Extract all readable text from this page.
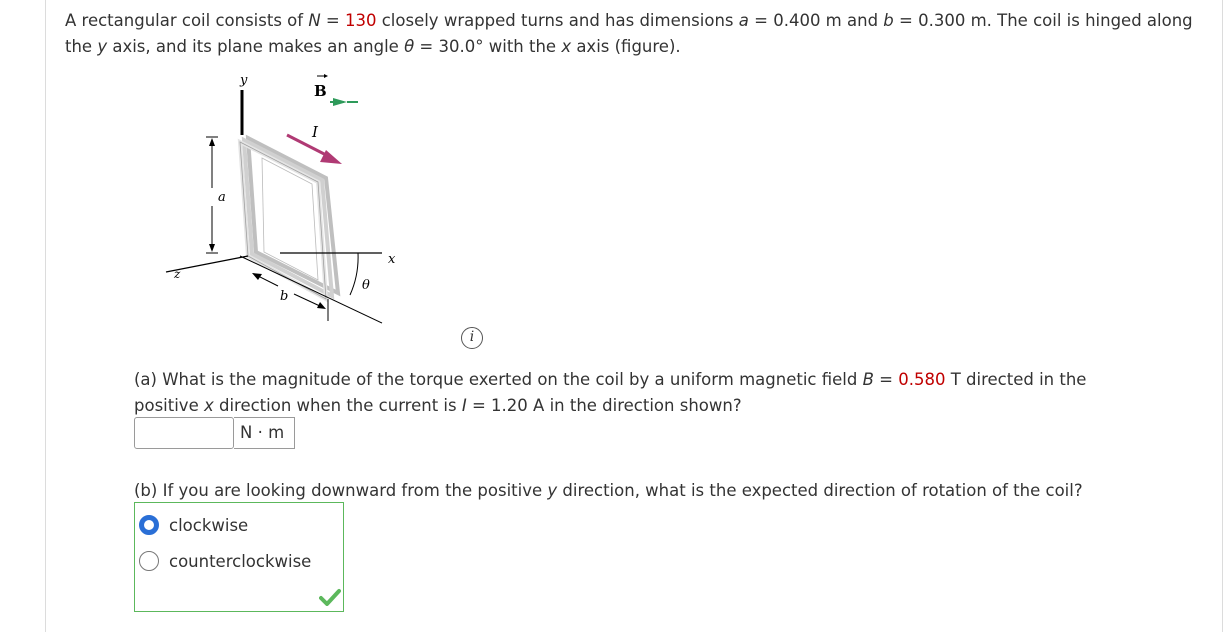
A rectangular coil consists of N = 130 closely wrapped turns and has dimensions a = 0.400 m and b = 0.300 m. The coil is hinged along the y axis, and its plane makes an angle θ = 30.0° with the x axis (figure).
y
B
I
a
z
x
θ
b
i
(a) What is the magnitude of the torque exerted on the coil by a uniform magnetic field B = 0.580 T directed in the positive x direction when the current is I = 1.20 A in the direction shown?
N · m
(b) If you are looking downward from the positive y direction, what is the expected direction of rotation of the coil?
clockwise
counterclockwise
